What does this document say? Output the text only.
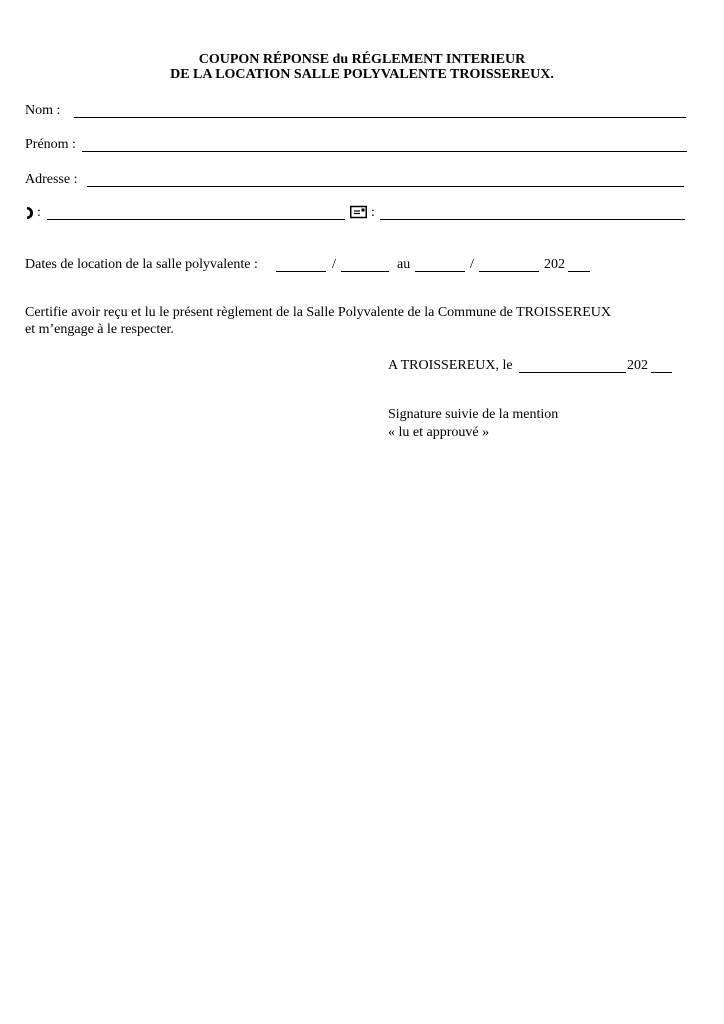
COUPON RÉPONSE du RÉGLEMENT INTERIEUR
DE LA LOCATION SALLE POLYVALENTE TROISSEREUX.
Nom :
Prénom :
Adresse :
:	:
Dates de location de la salle polyvalente :	/	au	/	202
Certifie avoir reçu et lu le présent règlement de la Salle Polyvalente de la Commune de TROISSEREUX
et m’engage à le respecter.
A TROISSEREUX, le	202
Signature suivie de la mention
« lu et approuvé »
